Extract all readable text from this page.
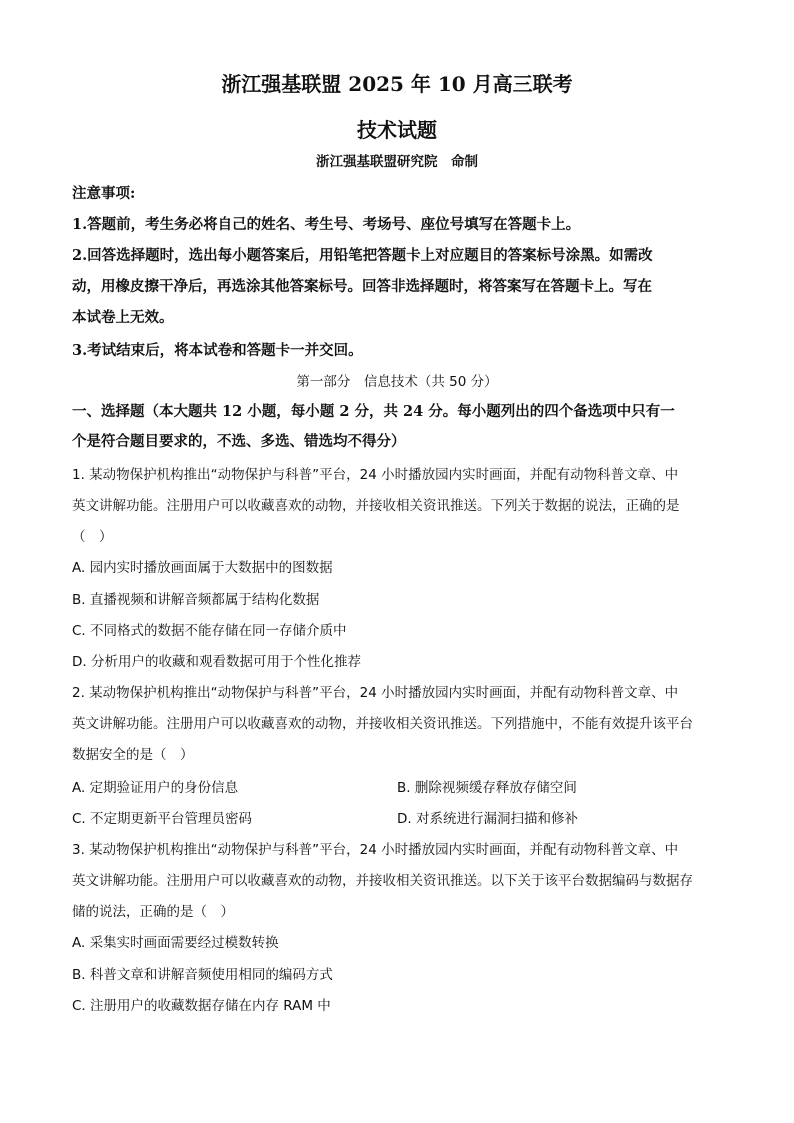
浙江强基联盟 2025 年 10 月高三联考
技术试题
浙江强基联盟研究院　命制
注意事项:
1.答题前，考生务必将自己的姓名、考生号、考场号、座位号填写在答题卡上。
2.回答选择题时，选出每小题答案后，用铅笔把答题卡上对应题目的答案标号涂黑。如需改
动，用橡皮擦干净后，再选涂其他答案标号。回答非选择题时，将答案写在答题卡上。写在
本试卷上无效。
3.考试结束后，将本试卷和答题卡一并交回。
第一部分　信息技术（共 50 分）
一、选择题（本大题共 12 小题，每小题 2 分，共 24 分。每小题列出的四个备选项中只有一
个是符合题目要求的，不选、多选、错选均不得分）
1. 某动物保护机构推出“动物保护与科普”平台，24 小时播放园内实时画面，并配有动物科普文章、中
英文讲解功能。注册用户可以收藏喜欢的动物，并接收相关资讯推送。下列关于数据的说法，正确的是
（　）
A. 园内实时播放画面属于大数据中的图数据
B. 直播视频和讲解音频都属于结构化数据
C. 不同格式的数据不能存储在同一存储介质中
D. 分析用户的收藏和观看数据可用于个性化推荐
2. 某动物保护机构推出“动物保护与科普”平台，24 小时播放园内实时画面，并配有动物科普文章、中
英文讲解功能。注册用户可以收藏喜欢的动物，并接收相关资讯推送。下列措施中，不能有效提升该平台
数据安全的是（　）
A. 定期验证用户的身份信息	B. 删除视频缓存释放存储空间
C. 不定期更新平台管理员密码	D. 对系统进行漏洞扫描和修补
3. 某动物保护机构推出“动物保护与科普”平台，24 小时播放园内实时画面，并配有动物科普文章、中
英文讲解功能。注册用户可以收藏喜欢的动物，并接收相关资讯推送。以下关于该平台数据编码与数据存
储的说法，正确的是（　）
A. 采集实时画面需要经过模数转换
B. 科普文章和讲解音频使用相同的编码方式
C. 注册用户的收藏数据存储在内存 RAM 中
